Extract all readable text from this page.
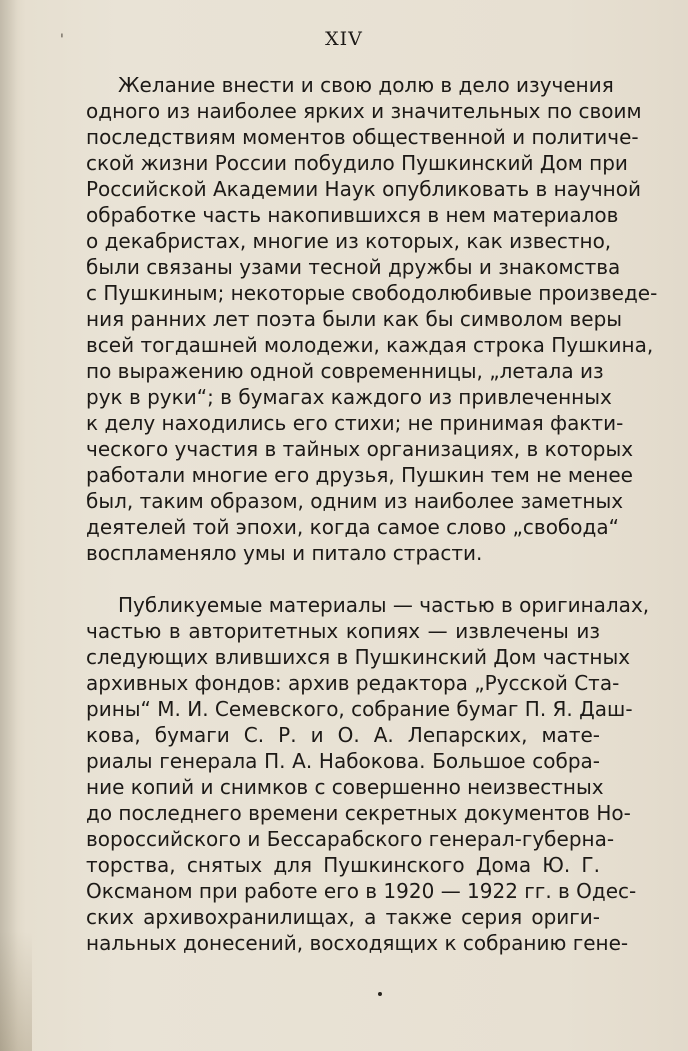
'	XIV
Желание внести и свою долю в дело изучения
одного из наиболее ярких и значительных по своим
последствиям моментов общественной и политиче-
ской жизни России побудило Пушкинский Дом при
Российской Академии Наук опубликовать в научной
обработке часть накопившихся в нем материалов
о декабристах, многие из которых, как известно,
были связаны узами тесной дружбы и знакомства
с Пушкиным; некоторые свободолюбивые произведе-
ния ранних лет поэта были как бы символом веры
всей тогдашней молодежи, каждая строка Пушкина,
по выражению одной современницы, „летала из
рук в руки“; в бумагах каждого из привлеченных
к делу находились его стихи; не принимая факти-
ческого участия в тайных организациях, в которых
работали многие его друзья, Пушкин тем не менее
был, таким образом, одним из наиболее заметных
деятелей той эпохи, когда самое слово „свобода“
воспламеняло умы и питало страсти.
Публикуемые материалы — частью в оригиналах,
частью в авторитетных копиях — извлечены из
следующих влившихся в Пушкинский Дом частных
архивных фондов: архив редактора „Русской Ста-
рины“ М. И. Семевского, собрание бумаг П. Я. Даш-
кова, бумаги С. Р. и О. А. Лепарских, мате-
риалы генерала П. А. Набокова. Большое собра-
ние копий и снимков с совершенно неизвестных
до последнего времени секретных документов Но-
вороссийского и Бессарабского генерал-губерна-
торства, снятых для Пушкинского Дома Ю. Г.
Оксманом при работе его в 1920 — 1922 гг. в Одес-
ских архивохранилищах, а также серия ориги-
нальных донесений, восходящих к собранию гене-
